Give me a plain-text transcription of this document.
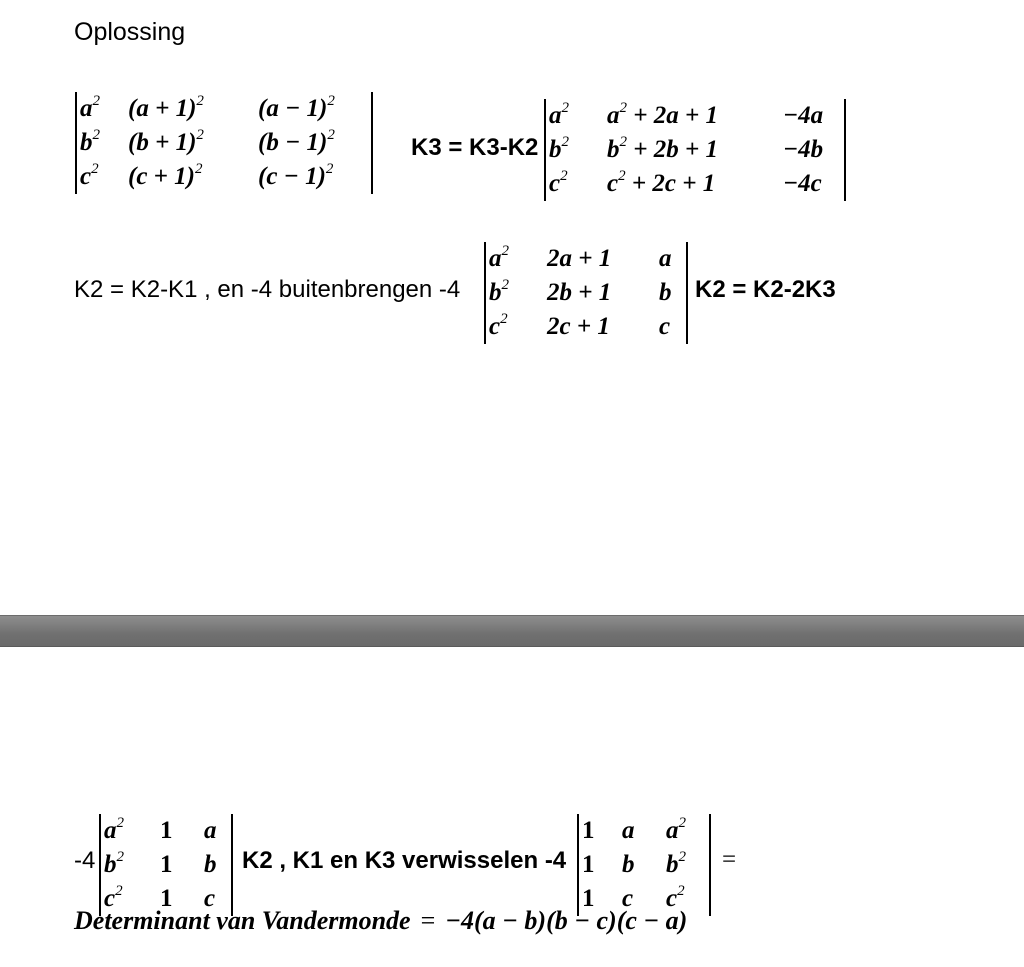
Oplossing
$a^2$	$(a + 1)^2$	$(a - 1)^2$
$b^2$	$(b + 1)^2$	$(b - 1)^2$
$c^2$	$(c + 1)^2$	$(c - 1)^2$
K3 = K3-K2
$a^2$	$a^2 + 2a + 1$	−4a
$b^2$	$b^2 + 2b + 1$	−4b
$c^2$	$c^2 + 2c + 1$	−4c
K2 = K2-K1 , en -4 buitenbrengen -4
$a^2$	2a + 1	a
$b^2$	2b + 1	b
$c^2$	2c + 1	c
K2 = K2-2K3
-4
$a^2$	1	a
$b^2$	1	b
$c^2$	1	c
K2 , K1 en K3 verwisselen -4
1	a	$a^2$
1	b	$b^2$
1	c	$c^2$
=
Determinant van Vandermonde = −4(a − b)(b − c)(c − a)
